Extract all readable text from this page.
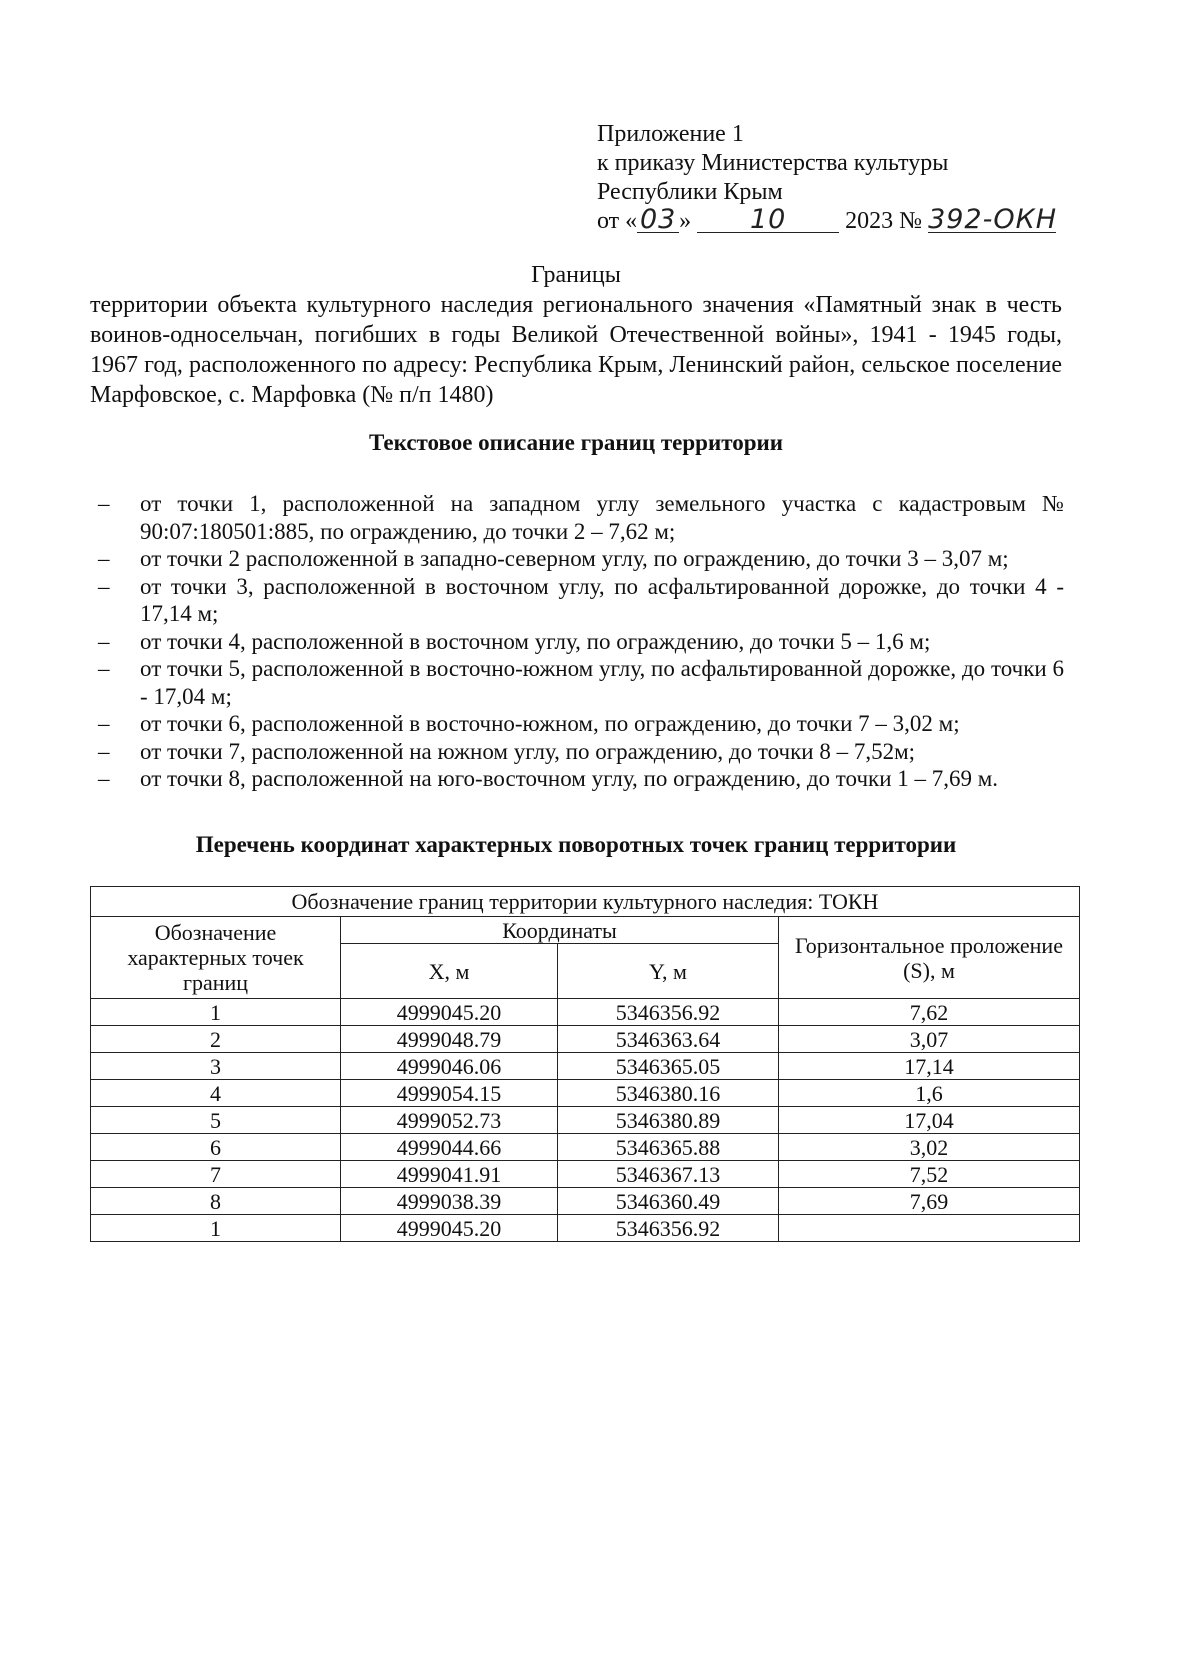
Приложение 1
к приказу Министерства культуры
Республики Крым
от « 03 » 10 2023 № 392-ОКН
Границы
территории объекта культурного наследия регионального значения «Памятный знак в честь воинов-односельчан, погибших в годы Великой Отечественной войны», 1941 - 1945 годы, 1967 год, расположенного по адресу: Республика Крым, Ленинский район, сельское поселение Марфовское, с. Марфовка (№ п/п 1480)
Текстовое описание границ территории
– от точки 1, расположенной на западном углу земельного участка с кадастровым № 90:07:180501:885, по ограждению, до точки 2 – 7,62 м;
– от точки 2 расположенной в западно-северном углу, по ограждению, до точки 3 – 3,07 м;
– от точки 3, расположенной в восточном углу, по асфальтированной дорожке, до точки 4 - 17,14 м;
– от точки 4, расположенной в восточном углу, по ограждению, до точки 5 – 1,6 м;
– от точки 5, расположенной в восточно-южном углу, по асфальтированной дорожке, до точки 6 - 17,04 м;
– от точки 6, расположенной в восточно-южном, по ограждению, до точки 7 – 3,02 м;
– от точки 7, расположенной на южном углу, по ограждению, до точки 8 – 7,52м;
– от точки 8, расположенной на юго-восточном углу, по ограждению, до точки 1 – 7,69 м.
Перечень координат характерных поворотных точек границ территории
Обозначение границ территории культурного наследия: ТОКН			
Обозначение характерных точек границ	Координаты		Горизонтальное проложение (S), м
	X, м	Y, м	
1	4999045.20	5346356.92	7,62
2	4999048.79	5346363.64	3,07
3	4999046.06	5346365.05	17,14
4	4999054.15	5346380.16	1,6
5	4999052.73	5346380.89	17,04
6	4999044.66	5346365.88	3,02
7	4999041.91	5346367.13	7,52
8	4999038.39	5346360.49	7,69
1	4999045.20	5346356.92	
